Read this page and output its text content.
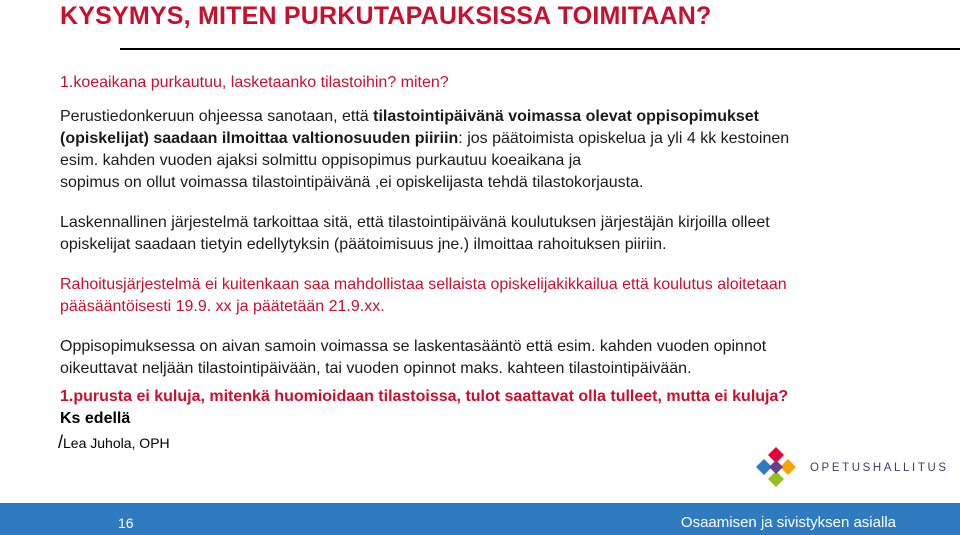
KYSYMYS, MITEN PURKUTAPAUKSISSA TOIMITAAN?
1.koeaikana purkautuu, lasketaanko tilastoihin? miten?
Perustiedonkeruun ohjeessa sanotaan, että tilastointipäivänä voimassa olevat oppisopimukset
(opiskelijat) saadaan ilmoittaa valtionosuuden piiriin: jos päätoimista opiskelua ja yli 4 kk kestoinen
esim. kahden vuoden ajaksi solmittu oppisopimus purkautuu koeaikana ja
sopimus on ollut voimassa tilastointipäivänä ,ei opiskelijasta tehdä tilastokorjausta.
Laskennallinen järjestelmä tarkoittaa sitä, että tilastointipäivänä koulutuksen järjestäjän kirjoilla olleet
opiskelijat saadaan tietyin edellytyksin (päätoimisuus jne.) ilmoittaa rahoituksen piiriin.
Rahoitusjärjestelmä ei kuitenkaan saa mahdollistaa sellaista opiskelijakikkailua että koulutus aloitetaan
pääsääntöisesti 19.9. xx ja päätetään 21.9.xx.
Oppisopimuksessa on aivan samoin voimassa se laskentasääntö että esim. kahden vuoden opinnot
oikeuttavat neljään tilastointipäivään, tai vuoden opinnot maks. kahteen tilastointipäivään.
1.purusta ei kuluja, mitenkä huomioidaan tilastoissa, tulot saattavat olla tulleet, mutta ei kuluja?
Ks edellä
/Lea Juhola, OPH
OPETUSHALLITUS
16	Osaamisen ja sivistyksen asialla
